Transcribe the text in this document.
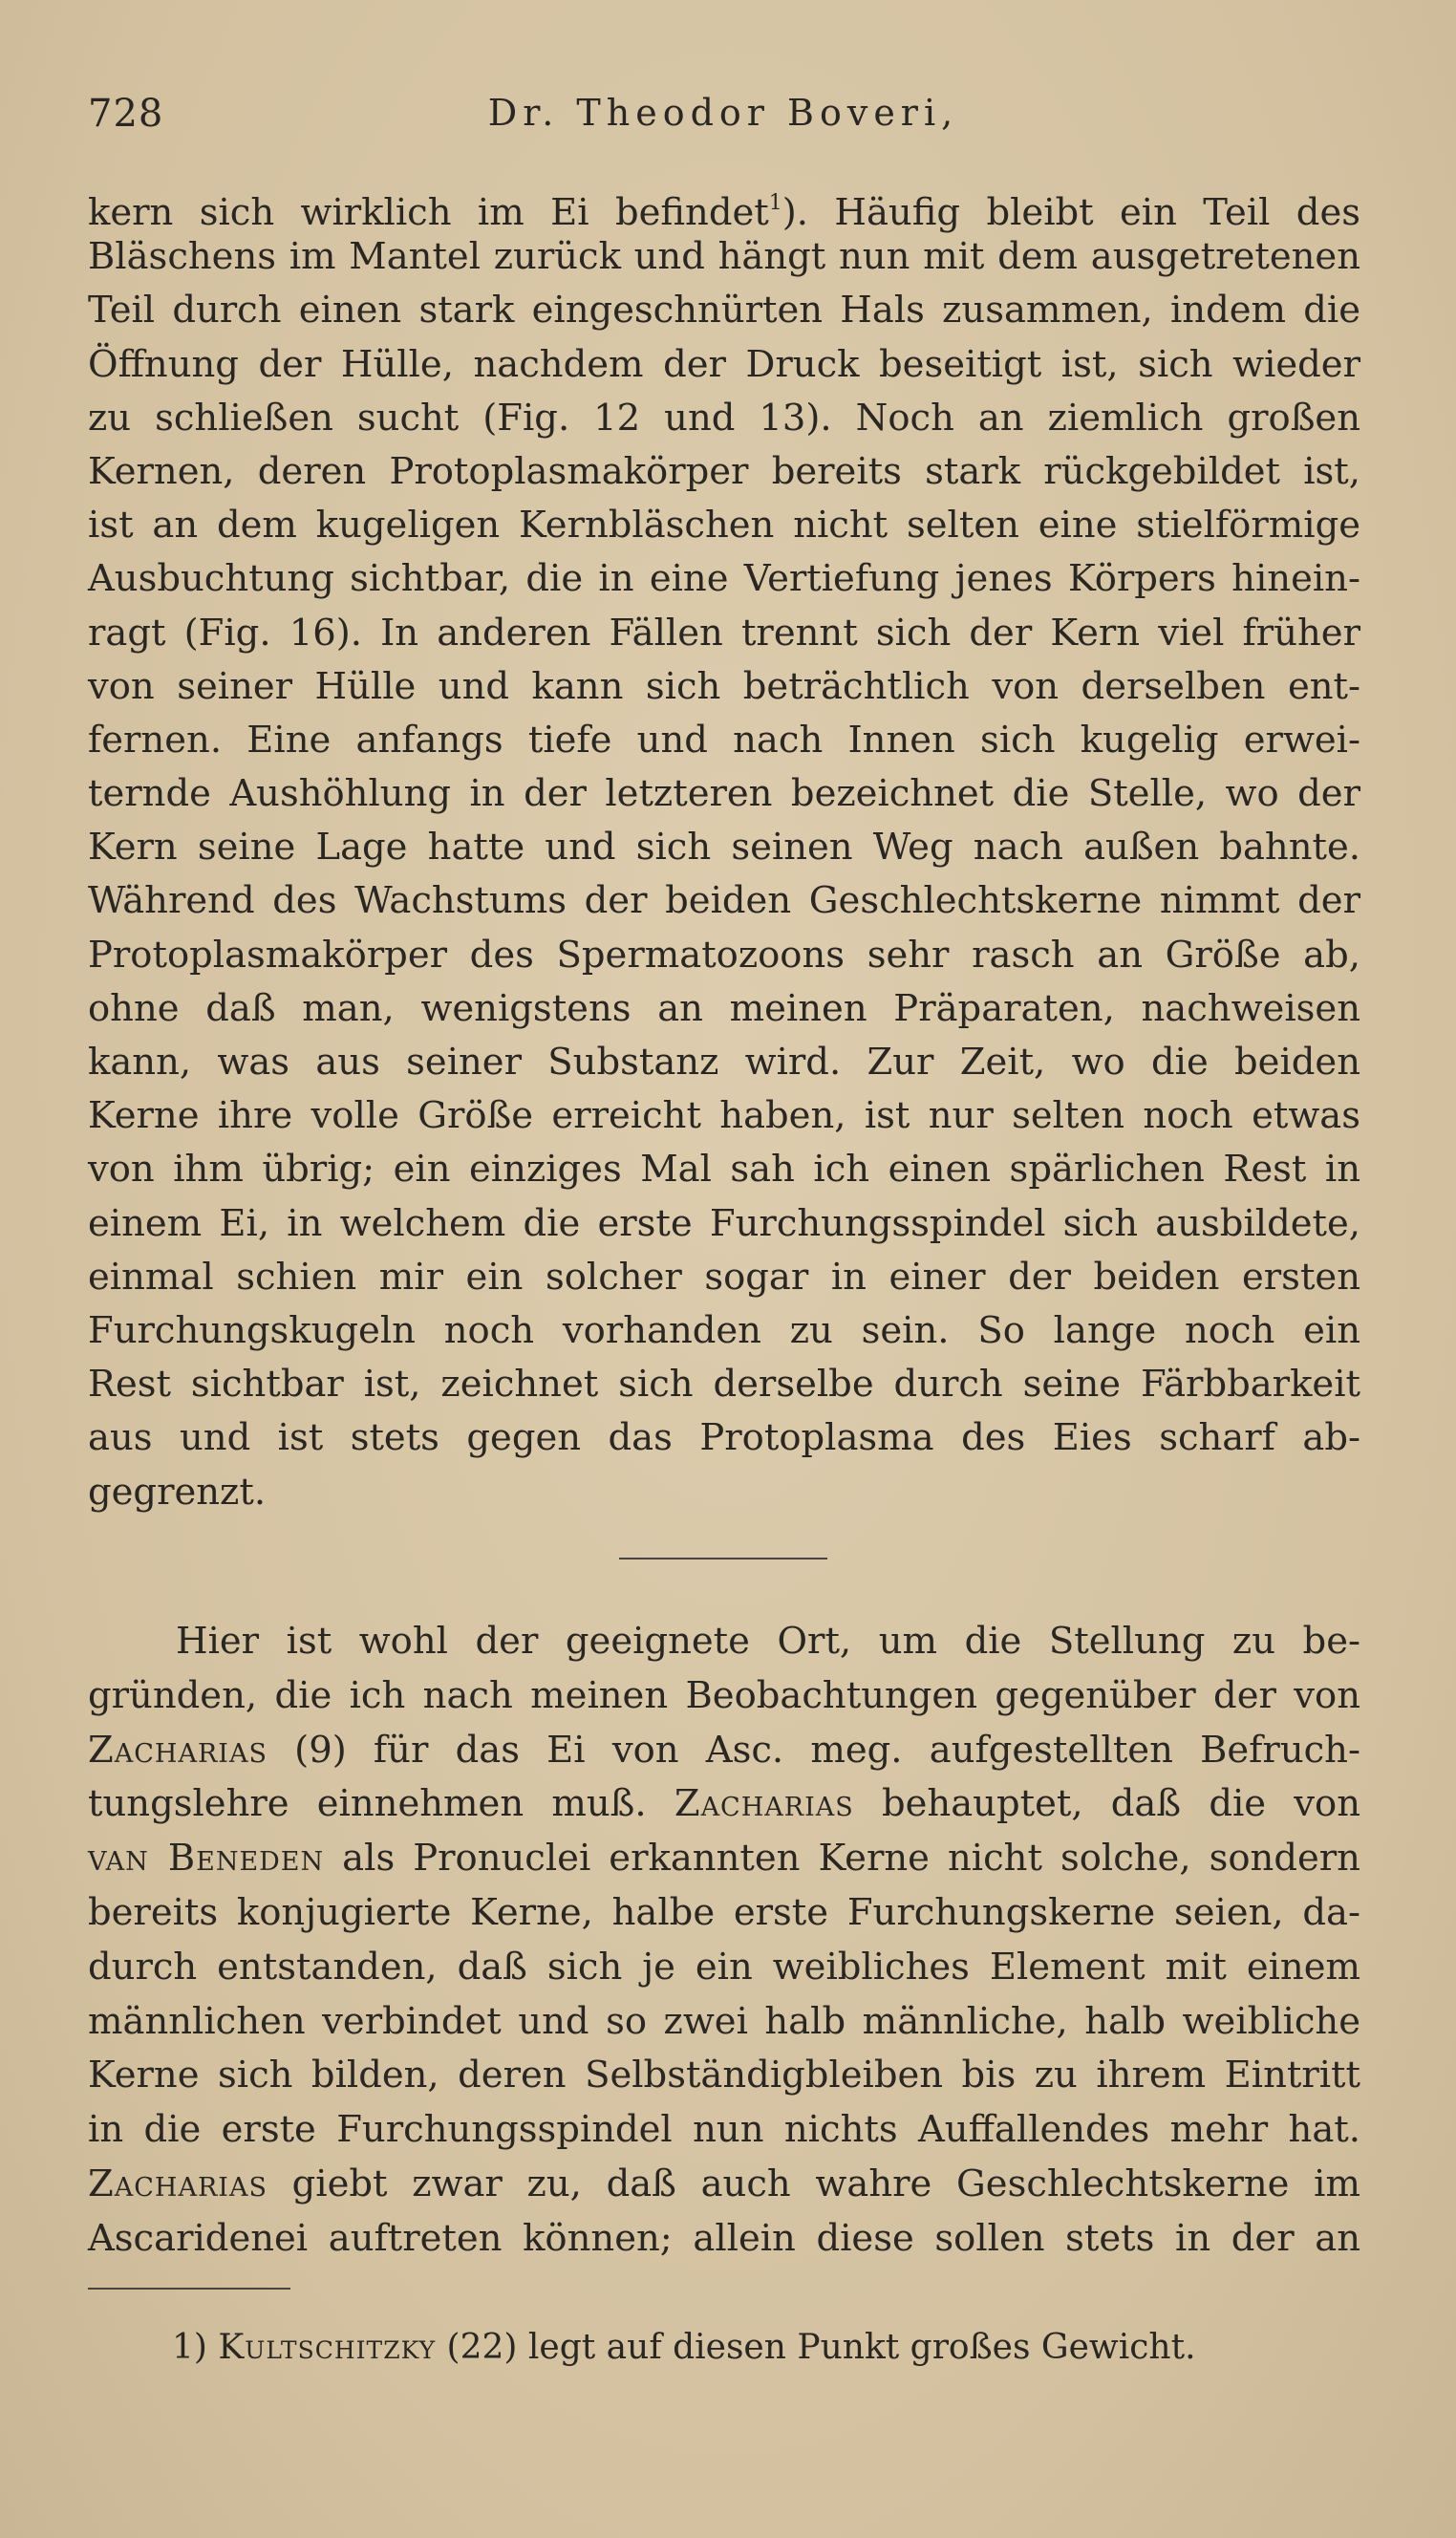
728	Dr. Theodor Boveri,
kern sich wirklich im Ei befindet$^1$). Häufig bleibt ein Teil des
Bläschens im Mantel zurück und hängt nun mit dem ausgetretenen
Teil durch einen stark eingeschnürten Hals zusammen, indem die
Öffnung der Hülle, nachdem der Druck beseitigt ist, sich wieder
zu schließen sucht (Fig. 12 und 13). Noch an ziemlich großen
Kernen, deren Protoplasmakörper bereits stark rückgebildet ist,
ist an dem kugeligen Kernbläschen nicht selten eine stielförmige
Ausbuchtung sichtbar, die in eine Vertiefung jenes Körpers hinein-
ragt (Fig. 16). In anderen Fällen trennt sich der Kern viel früher
von seiner Hülle und kann sich beträchtlich von derselben ent-
fernen. Eine anfangs tiefe und nach Innen sich kugelig erwei-
ternde Aushöhlung in der letzteren bezeichnet die Stelle, wo der
Kern seine Lage hatte und sich seinen Weg nach außen bahnte.
Während des Wachstums der beiden Geschlechtskerne nimmt der
Protoplasmakörper des Spermatozoons sehr rasch an Größe ab,
ohne daß man, wenigstens an meinen Präparaten, nachweisen
kann, was aus seiner Substanz wird. Zur Zeit, wo die beiden
Kerne ihre volle Größe erreicht haben, ist nur selten noch etwas
von ihm übrig; ein einziges Mal sah ich einen spärlichen Rest in
einem Ei, in welchem die erste Furchungsspindel sich ausbildete,
einmal schien mir ein solcher sogar in einer der beiden ersten
Furchungskugeln noch vorhanden zu sein. So lange noch ein
Rest sichtbar ist, zeichnet sich derselbe durch seine Färbbarkeit
aus und ist stets gegen das Protoplasma des Eies scharf ab-
gegrenzt.
Hier ist wohl der geeignete Ort, um die Stellung zu be-
gründen, die ich nach meinen Beobachtungen gegenüber der von
Zacharias (9) für das Ei von Asc. meg. aufgestellten Befruch-
tungslehre einnehmen muß. Zacharias behauptet, daß die von
van Beneden als Pronuclei erkannten Kerne nicht solche, sondern
bereits konjugierte Kerne, halbe erste Furchungskerne seien, da-
durch entstanden, daß sich je ein weibliches Element mit einem
männlichen verbindet und so zwei halb männliche, halb weibliche
Kerne sich bilden, deren Selbständigbleiben bis zu ihrem Eintritt
in die erste Furchungsspindel nun nichts Auffallendes mehr hat.
Zacharias giebt zwar zu, daß auch wahre Geschlechtskerne im
Ascaridenei auftreten können; allein diese sollen stets in der an
1) Kultschitzky (22) legt auf diesen Punkt großes Gewicht.
